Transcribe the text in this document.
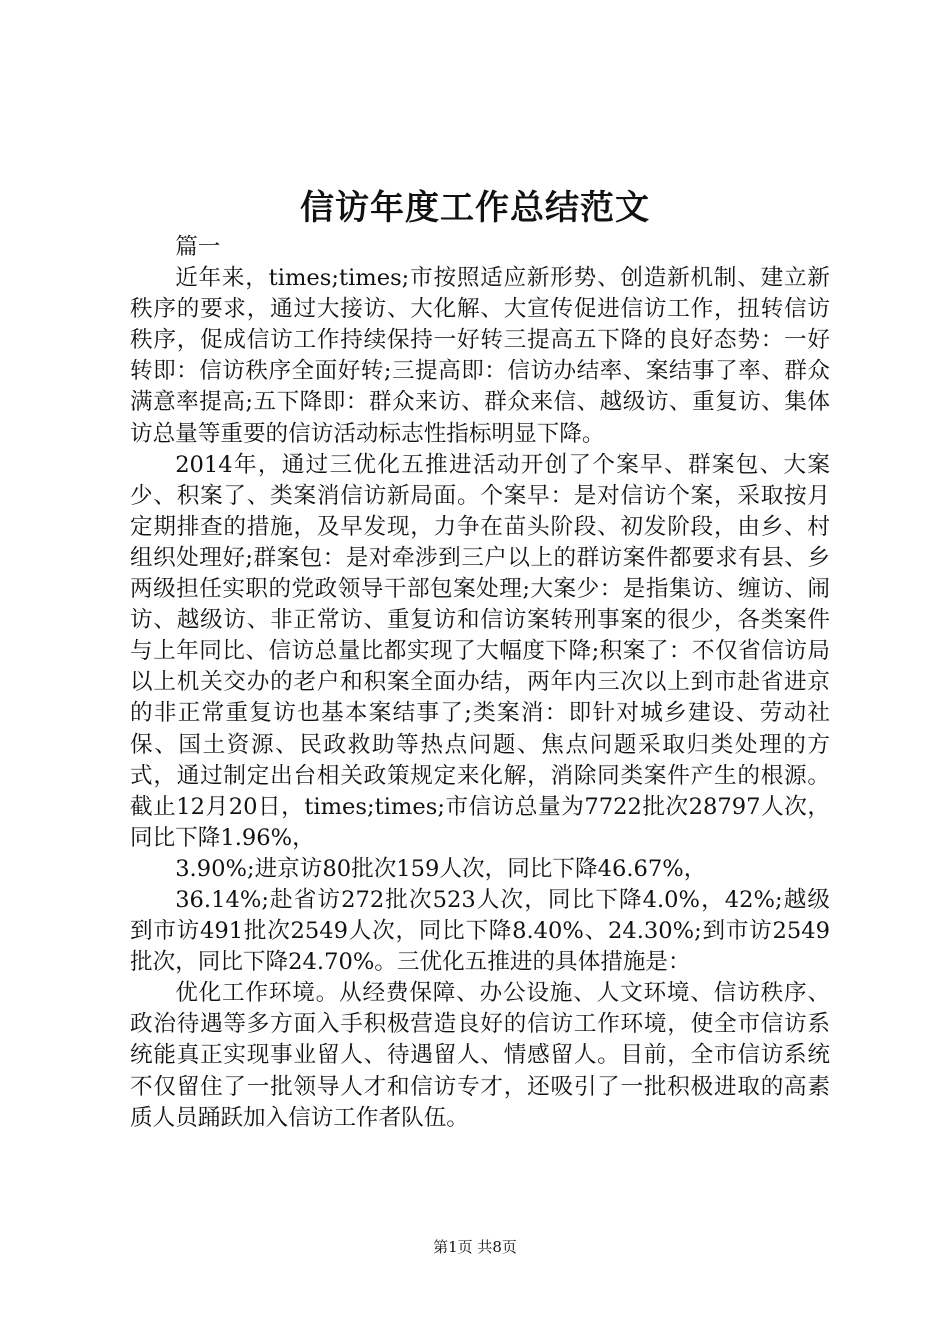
信访年度工作总结范文

篇一

近年来，times;times;市按照适应新形势、创造新机制、建立新秩序的要求，通过大接访、大化解、大宣传促进信访工作，扭转信访秩序，促成信访工作持续保持一好转三提高五下降的良好态势：一好转即：信访秩序全面好转;三提高即：信访办结率、案结事了率、群众满意率提高;五下降即：群众来访、群众来信、越级访、重复访、集体访总量等重要的信访活动标志性指标明显下降。

2014年，通过三优化五推进活动开创了个案早、群案包、大案少、积案了、类案消信访新局面。个案早：是对信访个案，采取按月定期排查的措施，及早发现，力争在苗头阶段、初发阶段，由乡、村组织处理好;群案包：是对牵涉到三户以上的群访案件都要求有县、乡两级担任实职的党政领导干部包案处理;大案少：是指集访、缠访、闹访、越级访、非正常访、重复访和信访案转刑事案的很少，各类案件与上年同比、信访总量比都实现了大幅度下降;积案了：不仅省信访局以上机关交办的老户和积案全面办结，两年内三次以上到市赴省进京的非正常重复访也基本案结事了;类案消：即针对城乡建设、劳动社保、国土资源、民政救助等热点问题、焦点问题采取归类处理的方式，通过制定出台相关政策规定来化解，消除同类案件产生的根源。截止12月20日，times;times;市信访总量为7722批次28797人次，同比下降1.96%，

3.90%;进京访80批次159人次，同比下降46.67%，

36.14%;赴省访272批次523人次，同比下降4.0%，42%;越级到市访491批次2549人次，同比下降8.40%、24.30%;到市访2549批次，同比下降24.70%。三优化五推进的具体措施是：

优化工作环境。从经费保障、办公设施、人文环境、信访秩序、政治待遇等多方面入手积极营造良好的信访工作环境，使全市信访系统能真正实现事业留人、待遇留人、情感留人。目前，全市信访系统不仅留住了一批领导人才和信访专才，还吸引了一批积极进取的高素质人员踊跃加入信访工作者队伍。

第1页 共8页
